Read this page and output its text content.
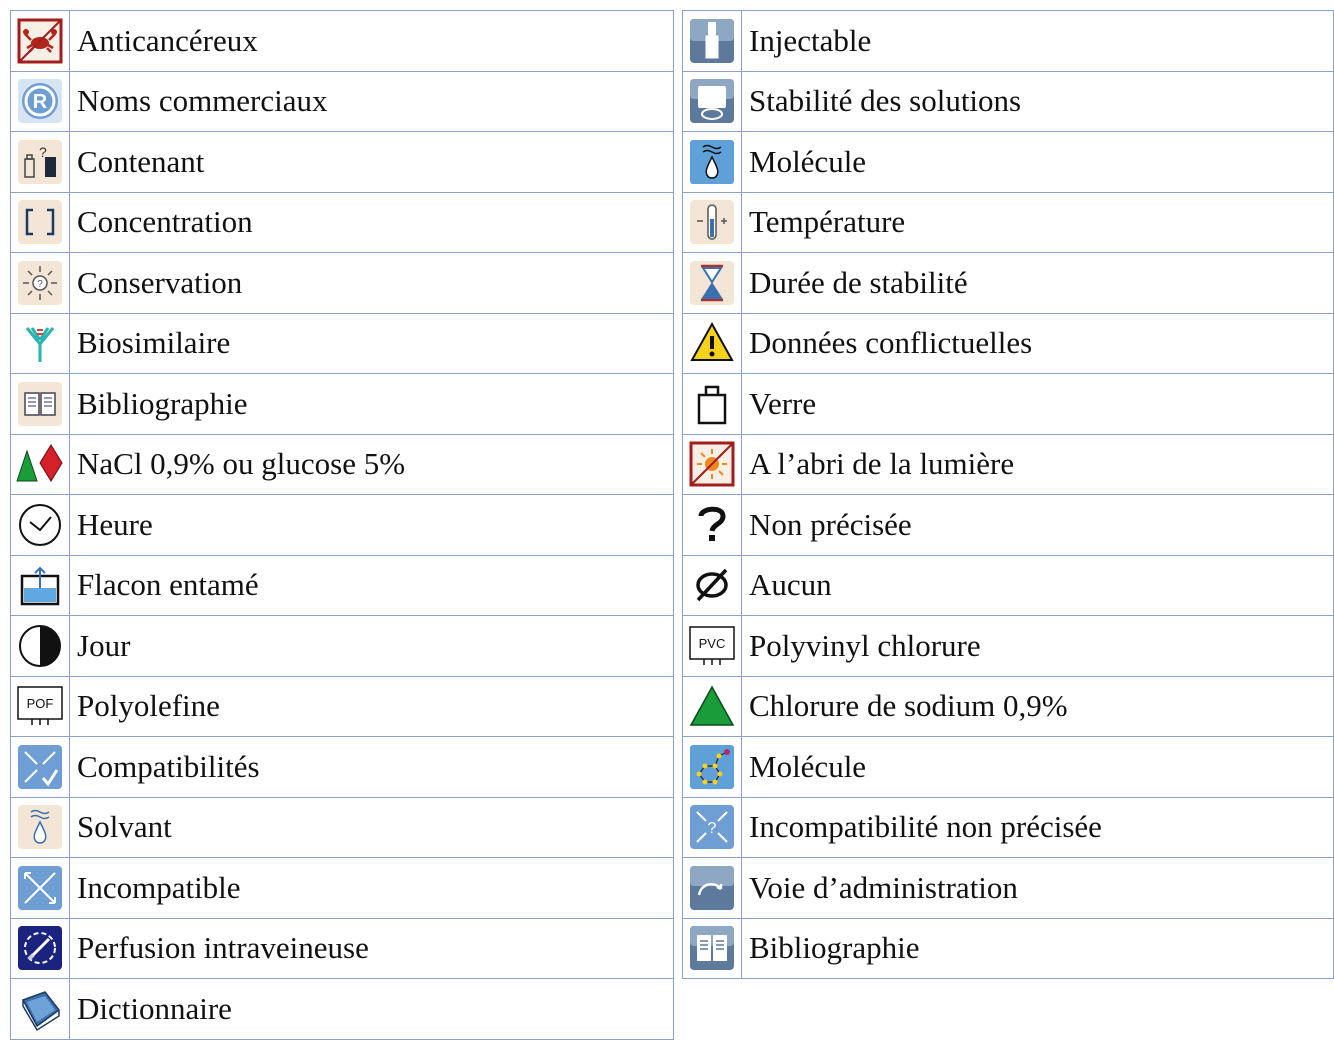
	Anticancéreux

R	Noms commerciaux

?	Contenant

	Concentration

?	Conservation

	Biosimilaire

	Bibliographie

	NaCl 0,9% ou glucose 5%

	Heure

	Flacon entamé

	Jour

POF	Polyolefine

	Compatibilités

	Solvant

	Incompatible

	Perfusion intraveineuse

	Dictionnaire
	Injectable

	Stabilité des solutions

	Molécule

	Température

	Durée de stabilité

	Données conflictuelles

	Verre

	A l’abri de la lumière

	Non précisée

	Aucun

PVC	Polyvinyl chlorure

	Chlorure de sodium 0,9%

	Molécule

?	Incompatibilité non précisée

	Voie d’administration

	Bibliographie
